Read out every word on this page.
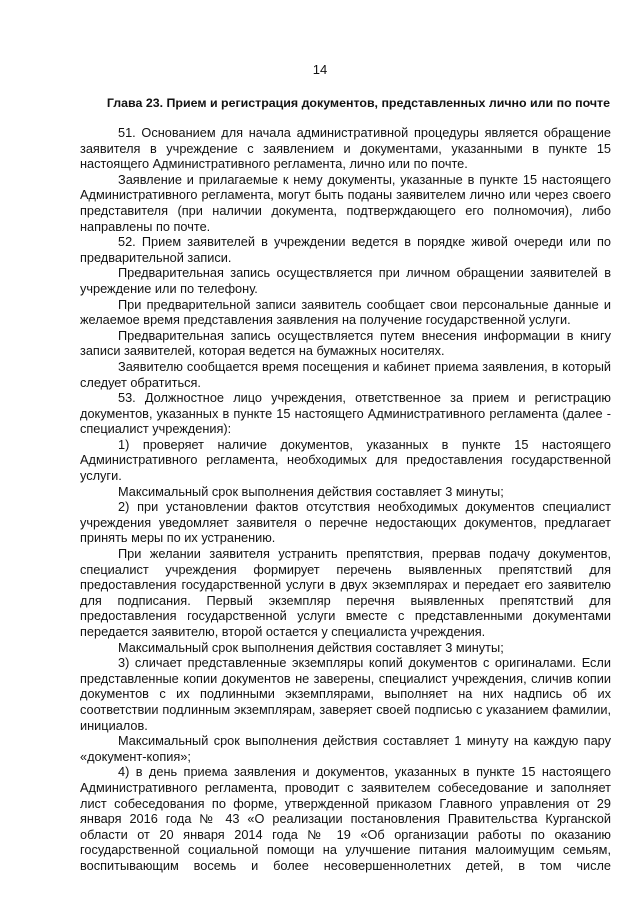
14
Глава 23. Прием и регистрация документов, представленных лично или по почте

51. Основанием для начала административной процедуры является обращение заявителя в учреждение с заявлением и документами, указанными в пункте 15 настоящего Административного регламента, лично или по почте.

Заявление и прилагаемые к нему документы, указанные в пункте 15 настоящего Административного регламента, могут быть поданы заявителем лично или через своего представителя (при наличии документа, подтверждающего его полномочия), либо направлены по почте.

52. Прием заявителей в учреждении ведется в порядке живой очереди или по предварительной записи.

Предварительная запись осуществляется при личном обращении заявителей в учреждение или по телефону.

При предварительной записи заявитель сообщает свои персональные данные и желаемое время представления заявления на получение государственной услуги.

Предварительная запись осуществляется путем внесения информации в книгу записи заявителей, которая ведется на бумажных носителях.

Заявителю сообщается время посещения и кабинет приема заявления, в который следует обратиться.

53. Должностное лицо учреждения, ответственное за прием и регистрацию документов, указанных в пункте 15 настоящего Административного регламента (далее - специалист учреждения):

1) проверяет наличие документов, указанных в пункте 15 настоящего Административного регламента, необходимых для предоставления государственной услуги.

Максимальный срок выполнения действия составляет 3 минуты;

2) при установлении фактов отсутствия необходимых документов специалист учреждения уведомляет заявителя о перечне недостающих документов, предлагает принять меры по их устранению.

При желании заявителя устранить препятствия, прервав подачу документов, специалист учреждения формирует перечень выявленных препятствий для предоставления государственной услуги в двух экземплярах и передает его заявителю для подписания. Первый экземпляр перечня выявленных препятствий для предоставления государственной услуги вместе с представленными документами передается заявителю, второй остается у специалиста учреждения.

Максимальный срок выполнения действия составляет 3 минуты;

3) сличает представленные экземпляры копий документов с оригиналами. Если представленные копии документов не заверены, специалист учреждения, сличив копии документов с их подлинными экземплярами, выполняет на них надпись об их соответствии подлинным экземплярам, заверяет своей подписью с указанием фамилии, инициалов.

Максимальный срок выполнения действия составляет 1 минуту на каждую пару «документ-копия»;

4) в день приема заявления и документов, указанных в пункте 15 настоящего Административного регламента, проводит с заявителем собеседование и заполняет лист собеседования по форме, утвержденной приказом Главного управления от 29 января 2016 года № 43 «О реализации постановления Правительства Курганской области от 20 января 2014 года № 19 «Об организации работы по оказанию государственной социальной помощи на улучшение питания малоимущим семьям, воспитывающим восемь и более несовершеннолетних детей, в том числе
